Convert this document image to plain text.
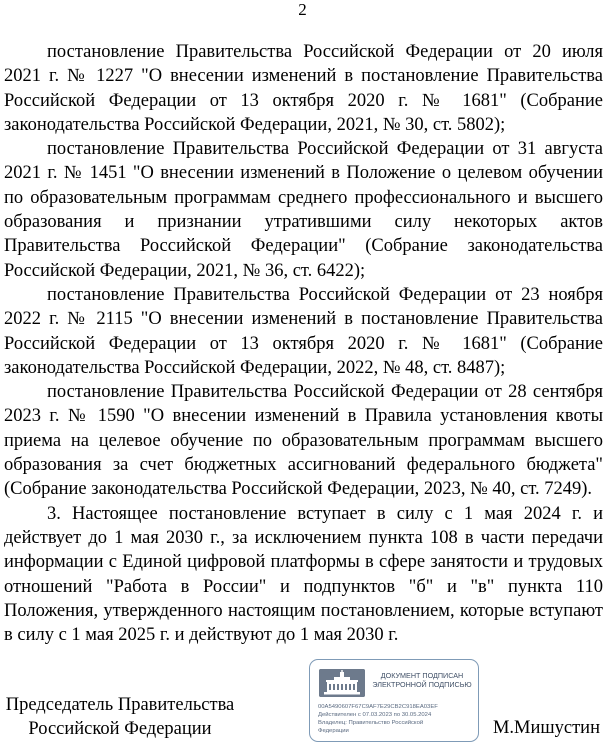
2

постановление Правительства Российской Федерации от 20 июля 2021 г. № 1227 "О внесении изменений в постановление Правительства Российской Федерации от 13 октября 2020 г. № 1681" (Собрание законодательства Российской Федерации, 2021, № 30, ст. 5802);

постановление Правительства Российской Федерации от 31 августа 2021 г. № 1451 "О внесении изменений в Положение о целевом обучении по образовательным программам среднего профессионального и высшего образования и признании утратившими силу некоторых актов Правительства Российской Федерации" (Собрание законодательства Российской Федерации, 2021, № 36, ст. 6422);

постановление Правительства Российской Федерации от 23 ноября 2022 г. № 2115 "О внесении изменений в постановление Правительства Российской Федерации от 13 октября 2020 г. № 1681" (Собрание законодательства Российской Федерации, 2022, № 48, ст. 8487);

постановление Правительства Российской Федерации от 28 сентября 2023 г. № 1590 "О внесении изменений в Правила установления квоты приема на целевое обучение по образовательным программам высшего образования за счет бюджетных ассигнований федерального бюджета" (Собрание законодательства Российской Федерации, 2023, № 40, ст. 7249).

3. Настоящее постановление вступает в силу с 1 мая 2024 г. и действует до 1 мая 2030 г., за исключением пункта 108 в части передачи информации с Единой цифровой платформы в сфере занятости и трудовых отношений "Работа в России" и подпунктов "б" и "в" пункта 110 Положения, утвержденного настоящим постановлением, которые вступают в силу с 1 мая 2025 г. и действуют до 1 мая 2030 г.

Председатель Правительства
Российской Федерации
ДОКУМЕНТ ПОДПИСАН
ЭЛЕКТРОННОЙ ПОДПИСЬЮ
00A5490607F67C9AF7E29CB2C918EA03EF
Действителен с 07.03.2023 по 30.05.2024
Владелец: Правительство Российской
Федерации	М.Мишустин
